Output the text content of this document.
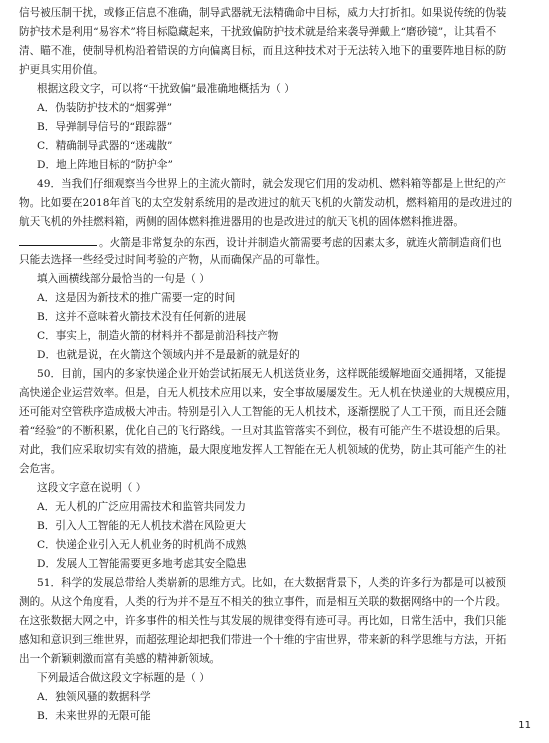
信号被压制干扰，或修正信息不准确，制导武器就无法精确命中目标，威力大打折扣。如果说传统的伪装
防护技术是利用“易容术”将目标隐藏起来，干扰致偏防护技术就是给来袭导弹戴上“磨砂镜”，让其看不
清、瞄不准，使制导机构沿着错误的方向偏离目标，而且这种技术对于无法转入地下的重要阵地目标的防
护更具实用价值。
根据这段文字，可以将“干扰致偏”最准确地概括为（ ）
A．伪装防护技术的“烟雾弹”
B．导弹制导信号的“跟踪器”
C．精确制导武器的“迷魂散”
D．地上阵地目标的“防护伞”
49．当我们仔细观察当今世界上的主流火箭时，就会发现它们用的发动机、燃料箱等都是上世纪的产
物。比如要在2018年首飞的太空发射系统用的是改进过的航天飞机的火箭发动机，燃料箱用的是改进过的
航天飞机的外挂燃料箱，两侧的固体燃料推进器用的也是改进过的航天飞机的固体燃料推进器。
。火箭是非常复杂的东西，设计并制造火箭需要考虑的因素太多，就连火箭制造商们也
只能去选择一些经受过时间考验的产物，从而确保产品的可靠性。
填入画横线部分最恰当的一句是（ ）
A．这是因为新技术的推广需要一定的时间
B．这并不意味着火箭技术没有任何新的进展
C．事实上，制造火箭的材料并不都是前沿科技产物
D．也就是说，在火箭这个领域内并不是最新的就是好的
50．目前，国内的多家快递企业开始尝试拓展无人机送货业务，这样既能缓解地面交通拥堵，又能提
高快递企业运营效率。但是，自无人机技术应用以来，安全事故屡屡发生。无人机在快递业的大规模应用，
还可能对空管秩序造成极大冲击。特别是引入人工智能的无人机技术，逐渐摆脱了人工干预，而且还会随
着“经验”的不断积累，优化自己的飞行路线。一旦对其监管落实不到位，极有可能产生不堪设想的后果。
对此，我们应采取切实有效的措施，最大限度地发挥人工智能在无人机领域的优势，防止其可能产生的社
会危害。
这段文字意在说明（ ）
A．无人机的广泛应用需技术和监管共同发力
B．引入人工智能的无人机技术潜在风险更大
C．快递企业引入无人机业务的时机尚不成熟
D．发展人工智能需要更多地考虑其安全隐患
51．科学的发展总带给人类崭新的思维方式。比如，在大数据背景下，人类的许多行为都是可以被预
测的。从这个角度看，人类的行为并不是互不相关的独立事件，而是相互关联的数据网络中的一个片段。
在这张数据大网之中，许多事件的相关性与其发展的规律变得有迹可寻。再比如，日常生活中，我们只能
感知和意识到三维世界，而超弦理论却把我们带进一个十维的宇宙世界，带来新的科学思维与方法，开拓
出一个新颖刺激而富有美感的精神新领域。
下列最适合做这段文字标题的是（ ）
A．独领风骚的数据科学
B．未来世界的无限可能
11
